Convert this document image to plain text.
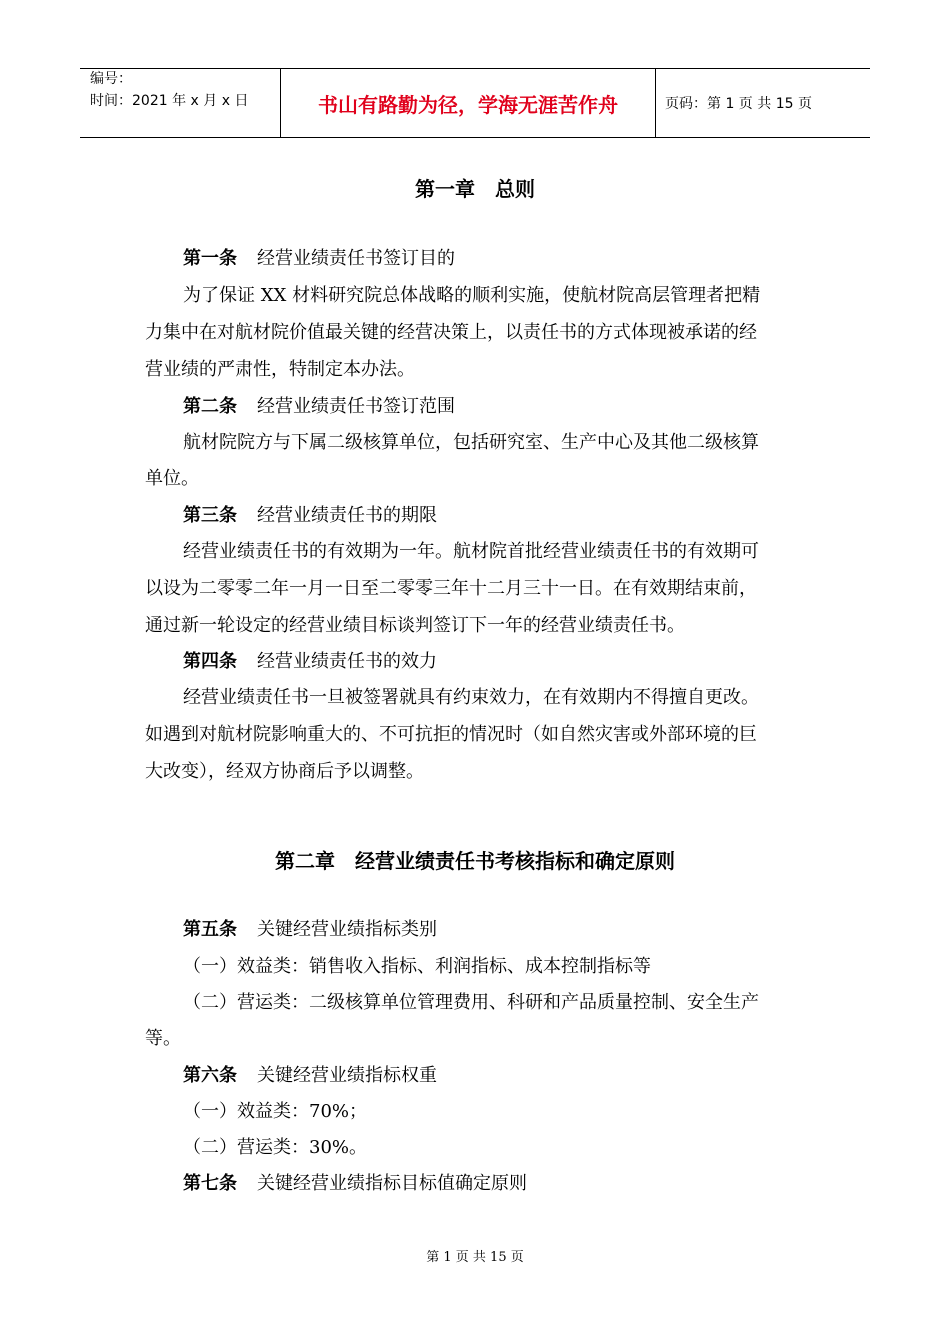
编号：
时间：2021 年 x 月 x 日	书山有路勤为径，学海无涯苦作舟	页码：第 1 页 共 15 页
第一章　总则
第一条 经营业绩责任书签订目的
为了保证 XX 材料研究院总体战略的顺利实施，使航材院高层管理者把精
力集中在对航材院价值最关键的经营决策上，以责任书的方式体现被承诺的经
营业绩的严肃性，特制定本办法。
第二条 经营业绩责任书签订范围
航材院院方与下属二级核算单位，包括研究室、生产中心及其他二级核算
单位。
第三条 经营业绩责任书的期限
经营业绩责任书的有效期为一年。航材院首批经营业绩责任书的有效期可
以设为二零零二年一月一日至二零零三年十二月三十一日。在有效期结束前，
通过新一轮设定的经营业绩目标谈判签订下一年的经营业绩责任书。
第四条 经营业绩责任书的效力
经营业绩责任书一旦被签署就具有约束效力，在有效期内不得擅自更改。
如遇到对航材院影响重大的、不可抗拒的情况时（如自然灾害或外部环境的巨
大改变），经双方协商后予以调整。
第二章　经营业绩责任书考核指标和确定原则
第五条 关键经营业绩指标类别
（一）效益类：销售收入指标、利润指标、成本控制指标等
（二）营运类：二级核算单位管理费用、科研和产品质量控制、安全生产
等。
第六条 关键经营业绩指标权重
（一）效益类：70%；
（二）营运类：30%。
第七条 关键经营业绩指标目标值确定原则
第 1 页 共 15 页
